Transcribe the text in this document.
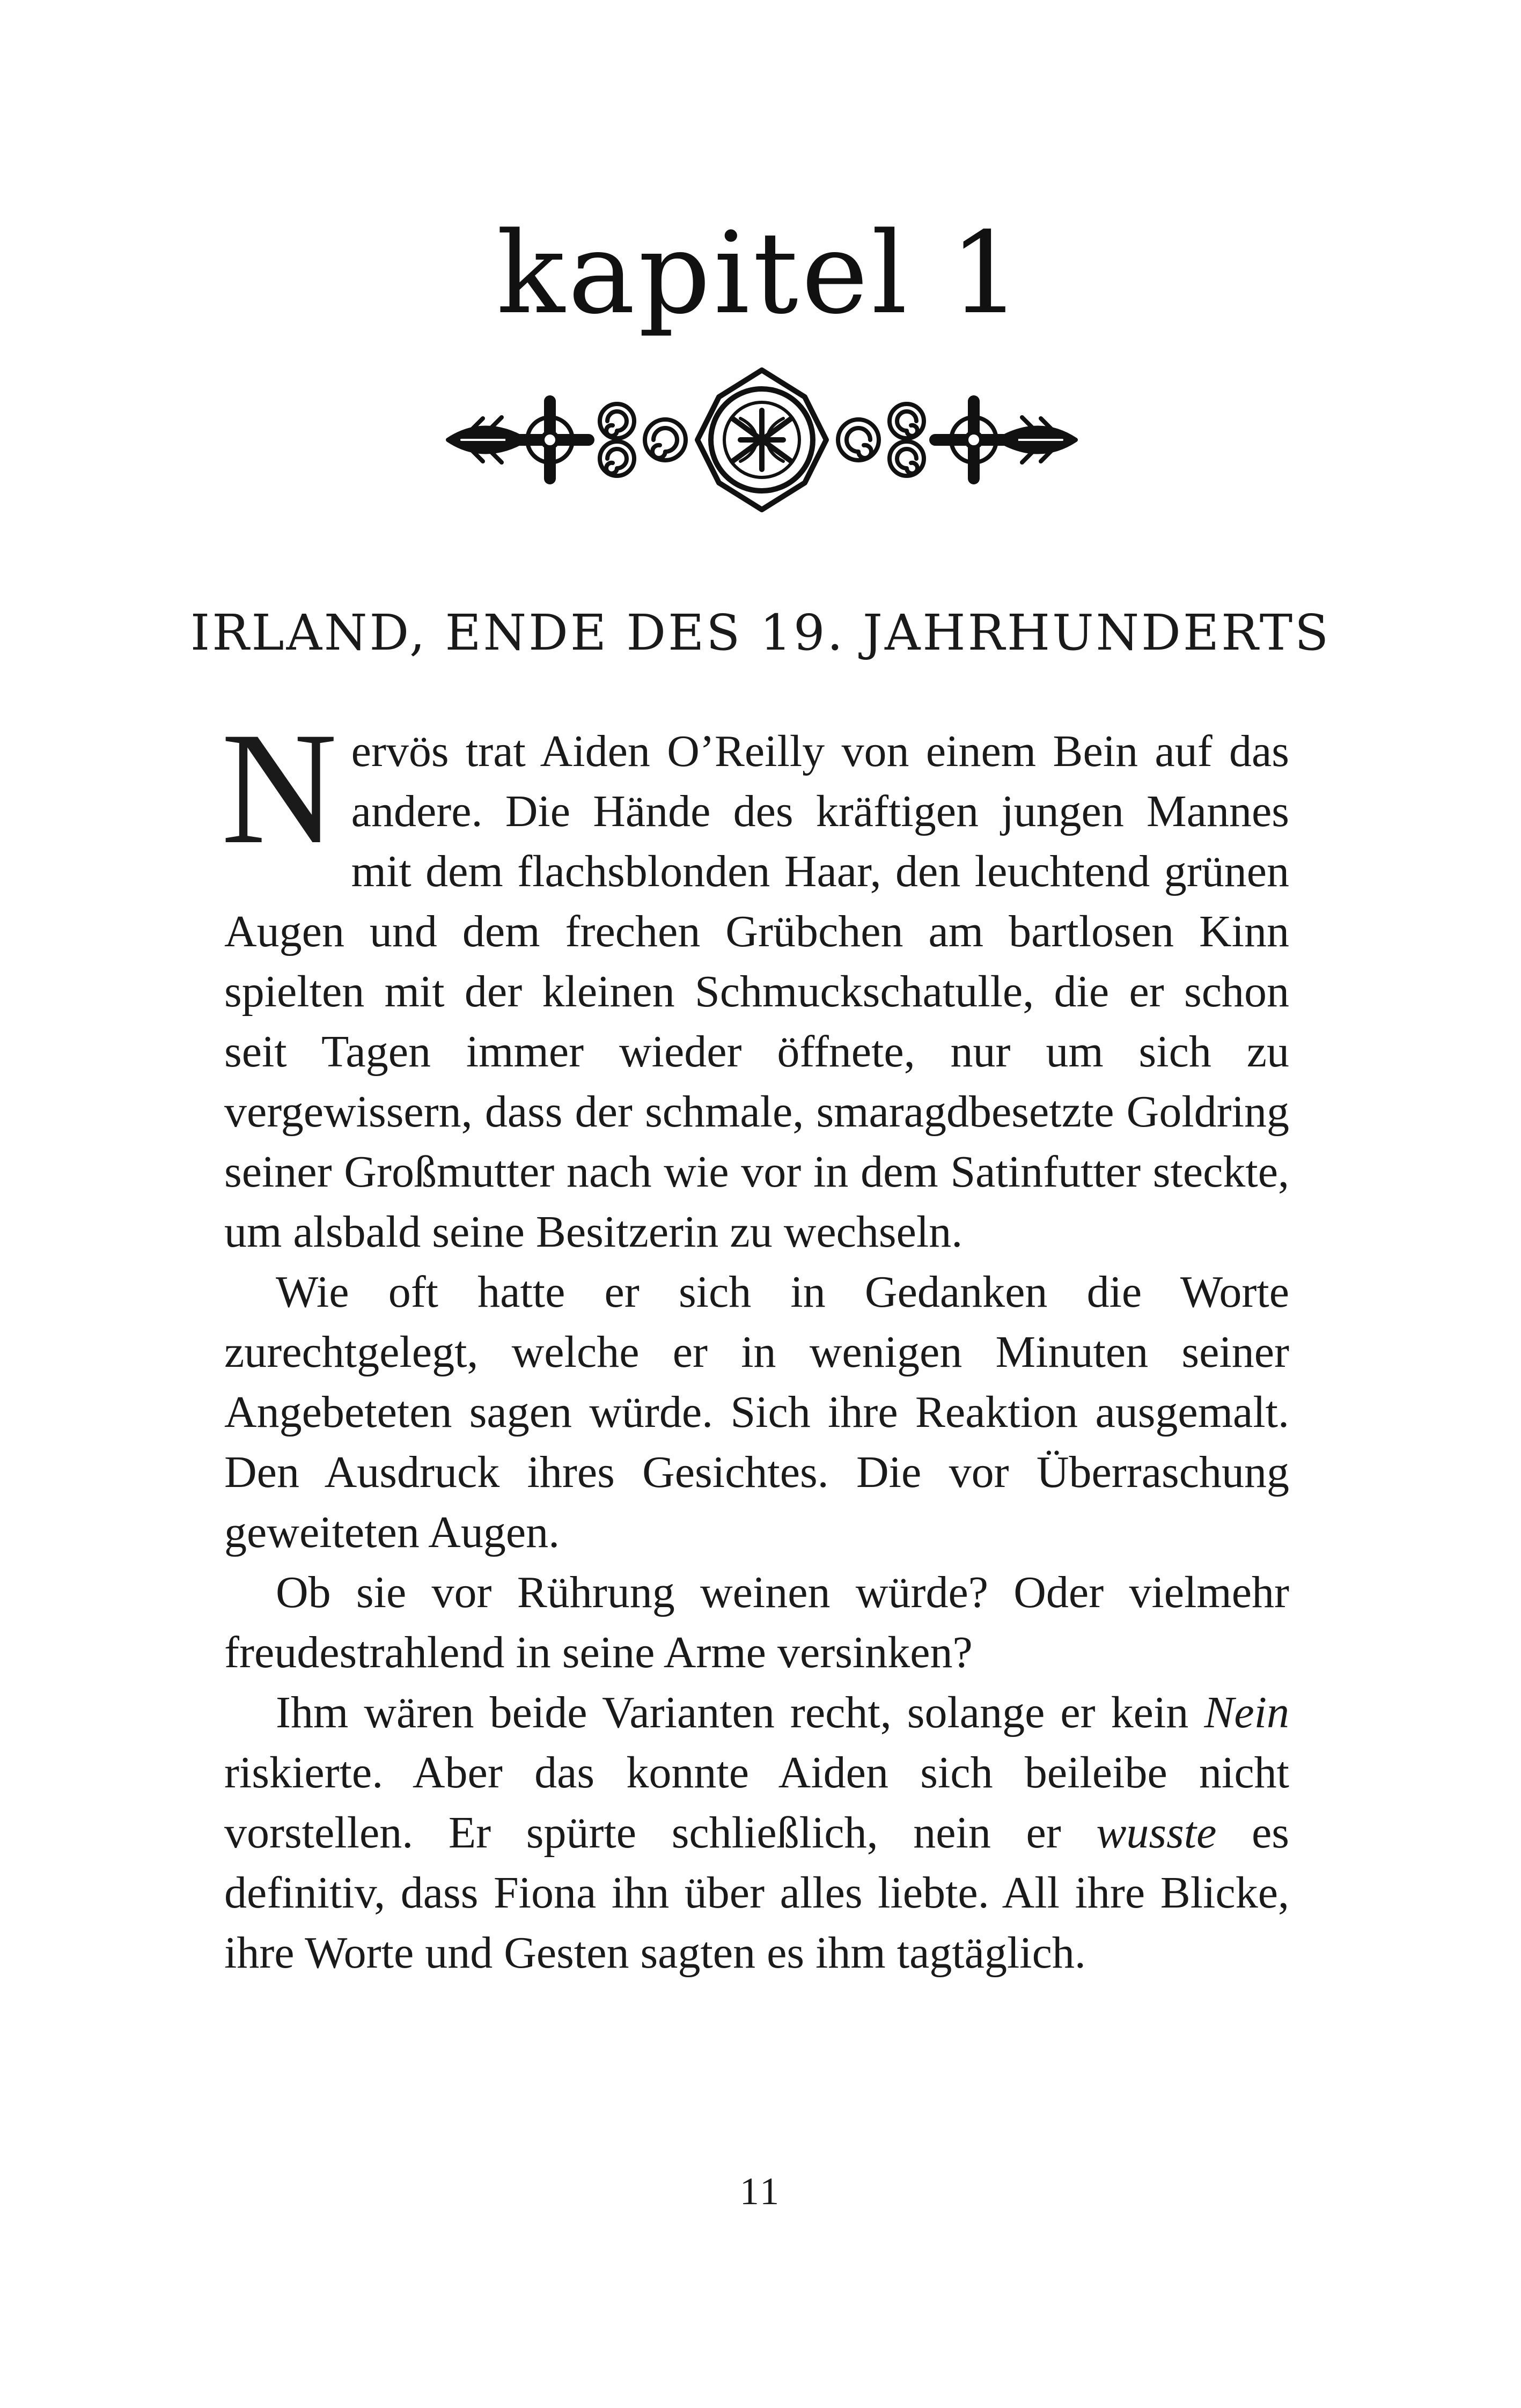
kapitel 1
IRLAND, ENDE DES 19. JAHRHUNDERTS

Nervös trat Aiden O’Reilly von einem Bein auf das andere. Die Hände des kräftigen jungen Mannes mit dem flachsblonden Haar, den leuchtend grünen Augen und dem frechen Grübchen am bartlosen Kinn spielten mit der kleinen Schmuckschatulle, die er schon seit Tagen immer wieder öffnete, nur um sich zu vergewissern, dass der schmale, smaragdbesetzte Goldring seiner Großmutter nach wie vor in dem Satinfutter steckte, um alsbald seine Besitzerin zu wechseln.

Wie oft hatte er sich in Gedanken die Worte zurechtgelegt, welche er in wenigen Minuten seiner Angebeteten sagen würde. Sich ihre Reaktion ausgemalt. Den Ausdruck ihres Gesichtes. Die vor Überraschung geweiteten Augen.

Ob sie vor Rührung weinen würde? Oder vielmehr freudestrahlend in seine Arme versinken?

Ihm wären beide Varianten recht, solange er kein Nein riskierte. Aber das konnte Aiden sich beileibe nicht vorstellen. Er spürte schließlich, nein er wusste es definitiv, dass Fiona ihn über alles liebte. All ihre Blicke, ihre Worte und Gesten sagten es ihm tagtäglich.

11
